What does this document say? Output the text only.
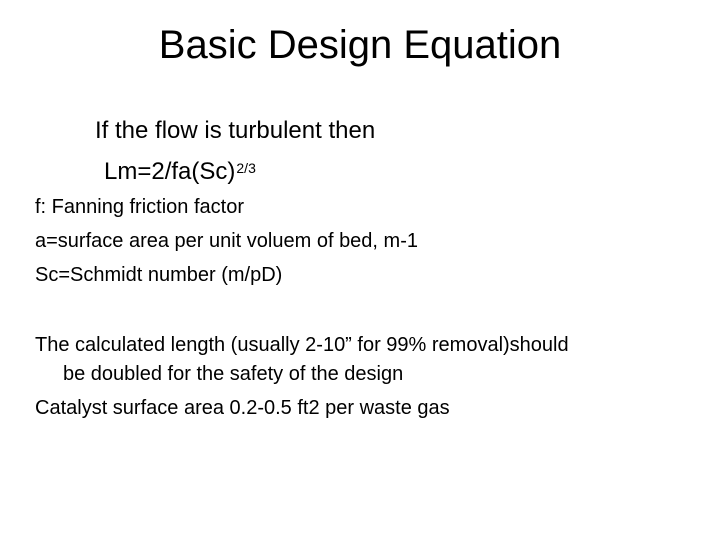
Basic Design Equation
If the flow is turbulent then
$Lm=2/fa(Sc)^{2/3}$
f: Fanning friction factor
a=surface area per unit voluem of bed, m-1
Sc=Schmidt number (m/pD)
The calculated length (usually 2-10” for 99% removal)should
be doubled for the safety of the design
Catalyst surface area 0.2-0.5 ft2 per waste gas
